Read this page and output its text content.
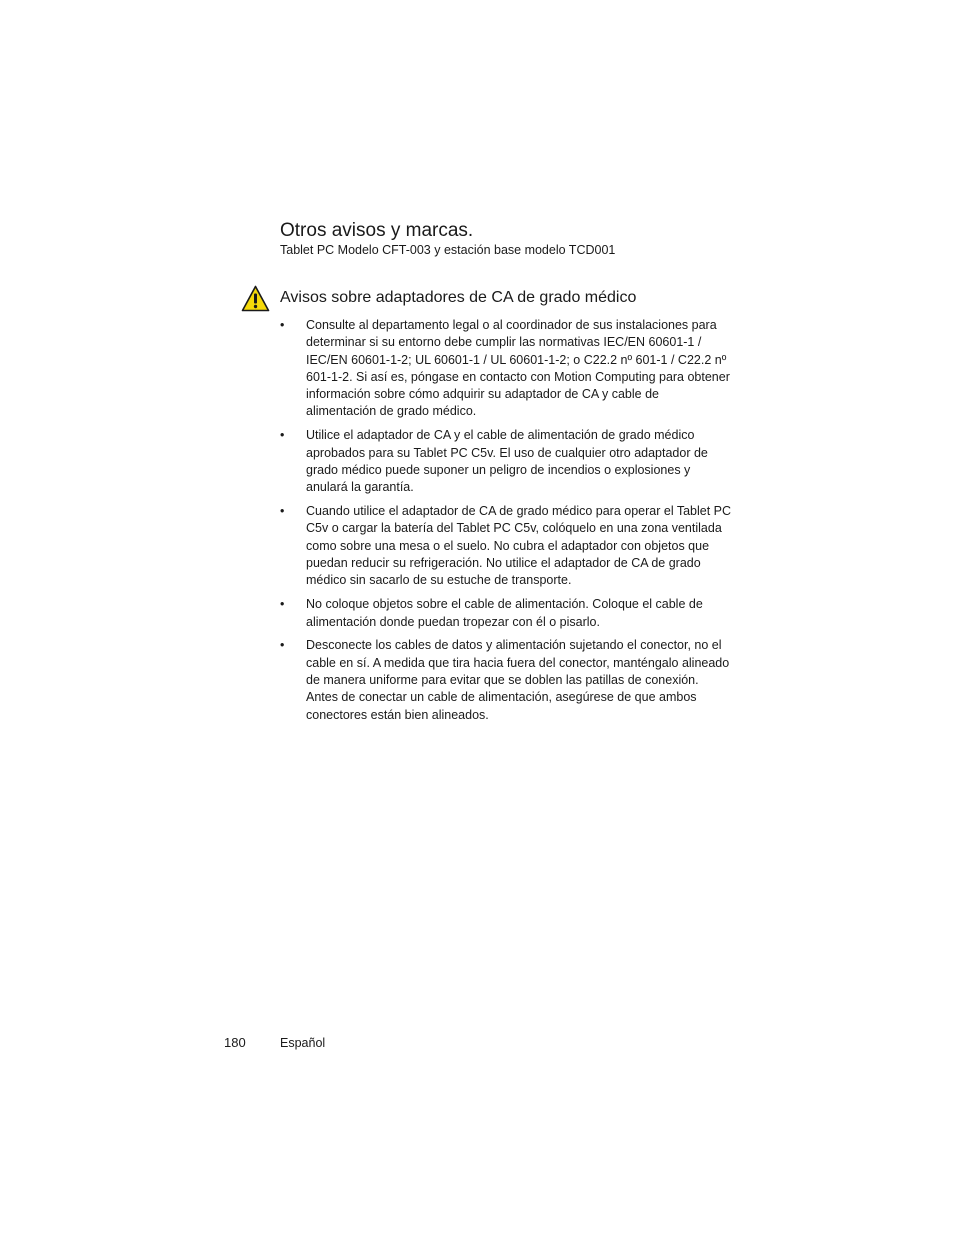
Otros avisos y marcas.
Tablet PC Modelo CFT-003 y estación base modelo TCD001
Avisos sobre adaptadores de CA de grado médico
• Consulte al departamento legal o al coordinador de sus instalaciones para determinar si su entorno debe cumplir las normativas IEC/EN 60601-1 / IEC/EN 60601-1-2; UL 60601-1 / UL 60601-1-2; o C22.2 nº 601-1 / C22.2 nº 601-1-2. Si así es, póngase en contacto con Motion Computing para obtener información sobre cómo adquirir su adaptador de CA y cable de alimentación de grado médico.
• Utilice el adaptador de CA y el cable de alimentación de grado médico aprobados para su Tablet PC C5v. El uso de cualquier otro adaptador de grado médico puede suponer un peligro de incendios o explosiones y anulará la garantía.
• Cuando utilice el adaptador de CA de grado médico para operar el Tablet PC C5v o cargar la batería del Tablet PC C5v, colóquelo en una zona ventilada como sobre una mesa o el suelo. No cubra el adaptador con objetos que puedan reducir su refrigeración. No utilice el adaptador de CA de grado médico sin sacarlo de su estuche de transporte.
• No coloque objetos sobre el cable de alimentación. Coloque el cable de alimentación donde puedan tropezar con él o pisarlo.
• Desconecte los cables de datos y alimentación sujetando el conector, no el cable en sí. A medida que tira hacia fuera del conector, manténgalo alineado de manera uniforme para evitar que se doblen las patillas de conexión. Antes de conectar un cable de alimentación, asegúrese de que ambos conectores están bien alineados.
180	Español
